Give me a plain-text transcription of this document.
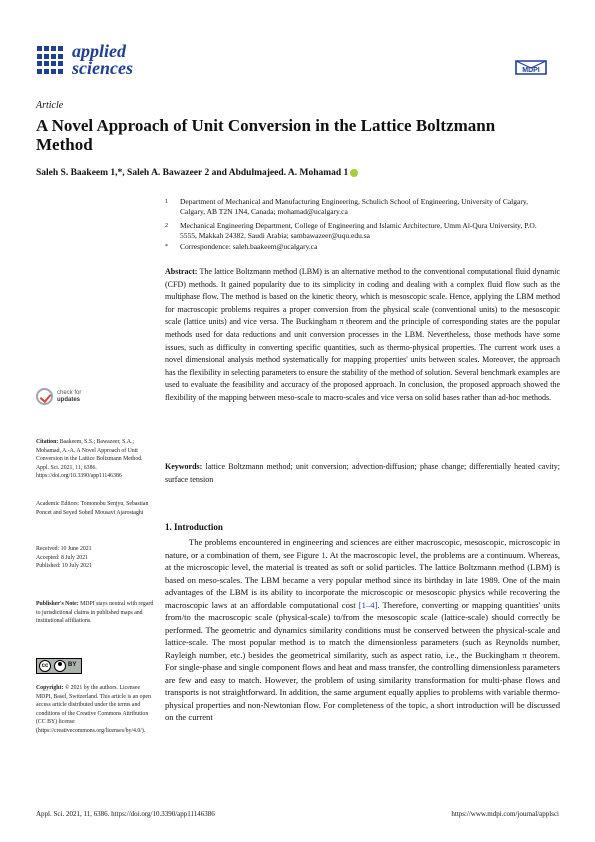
applied
sciences	MDPI
Article
A Novel Approach of Unit Conversion in the Lattice Boltzmann Method
Saleh S. Baakeem 1,*, Saleh A. Bawazeer 2 and Abdulmajeed. A. Mohamad 1
1 Department of Mechanical and Manufacturing Engineering, Schulich School of Engineering, University of Calgary, Calgary, AB T2N 1N4, Canada; mohamad@ucalgary.ca
2 Mechanical Engineering Department, College of Engineering and Islamic Architecture, Umm Al-Qura University, P.O. 5555, Makkah 24382, Saudi Arabia; sambawazeer@uqu.edu.sa
* Correspondence: saleh.baakeem@ucalgary.ca
Abstract: The lattice Boltzmann method (LBM) is an alternative method to the conventional computational fluid dynamic (CFD) methods. It gained popularity due to its simplicity in coding and dealing with a complex fluid flow such as the multiphase flow. The method is based on the kinetic theory, which is mesoscopic scale. Hence, applying the LBM method for macroscopic problems requires a proper conversion from the physical scale (conventional units) to the mesoscopic scale (lattice units) and vice versa. The Buckingham π theorem and the principle of corresponding states are the popular methods used for data reductions and unit conversion processes in the LBM. Nevertheless, those methods have some issues, such as difficulty in converting specific quantities, such as thermo-physical properties. The current work uses a novel dimensional analysis method systematically for mapping properties' units between scales. Moreover, the approach has the flexibility in selecting parameters to ensure the stability of the method of solution. Several benchmark examples are used to evaluate the feasibility and accuracy of the proposed approach. In conclusion, the proposed approach showed the flexibility of the mapping between meso-scale to macro-scales and vice versa on solid bases rather than ad-hoc methods.
Keywords: lattice Boltzmann method; unit conversion; advection-diffusion; phase change; differentially heated cavity; surface tension
1. Introduction
The problems encountered in engineering and sciences are either macroscopic, mesoscopic, microscopic in nature, or a combination of them, see Figure 1. At the macroscopic level, the problems are a continuum. Whereas, at the microscopic level, the material is treated as soft or solid particles. The lattice Boltzmann method (LBM) is based on meso-scales. The LBM became a very popular method since its birthday in late 1989. One of the main advantages of the LBM is its ability to incorporate the microscopic or mesoscopic physics while recovering the macroscopic laws at an affordable computational cost [1–4]. Therefore, converting or mapping quantities' units from/to the macroscopic scale (physical-scale) to/from the mesoscopic scale (lattice-scale) should correctly be performed. The geometric and dynamics similarity conditions must be conserved between the physical-scale and lattice-scale. The most popular method is to match the dimensionless parameters (such as Reynolds number, Rayleigh number, etc.) besides the geometrical similarity, such as aspect ratio, i.e., the Buckingham π theorem. For single-phase and single component flows and heat and mass transfer, the controlling dimensionless parameters are few and easy to match. However, the problem of using similarity transformation for multi-phase flows and transports is not straightforward. In addition, the same argument equally applies to problems with variable thermo-physical properties and non-Newtonian flow. For completeness of the topic, a short introduction will be discussed on the current
check for
updates
Citation: Baakeem, S.S.; Bawazeer, S.A.; Mohamad, A.-A. A Novel Approach of Unit Conversion in the Lattice Boltzmann Method. Appl. Sci. 2021, 11, 6386. https://doi.org/10.3390/app11146386
Academic Editors: Tomonobu Senjyu, Sebastian Poncet and Seyed Soheil Mousavi Ajarostaghi
Received: 10 June 2021
Accepted: 8 July 2021
Published: 10 July 2021
Publisher's Note: MDPI stays neutral with regard to jurisdictional claims in published maps and institutional affiliations.
cc	BY
Copyright: © 2021 by the authors. Licensee MDPI, Basel, Switzerland. This article is an open access article distributed under the terms and conditions of the Creative Commons Attribution (CC BY) license (https://creativecommons.org/licenses/by/4.0/).
Appl. Sci. 2021, 11, 6386. https://doi.org/10.3390/app11146386	https://www.mdpi.com/journal/applsci
